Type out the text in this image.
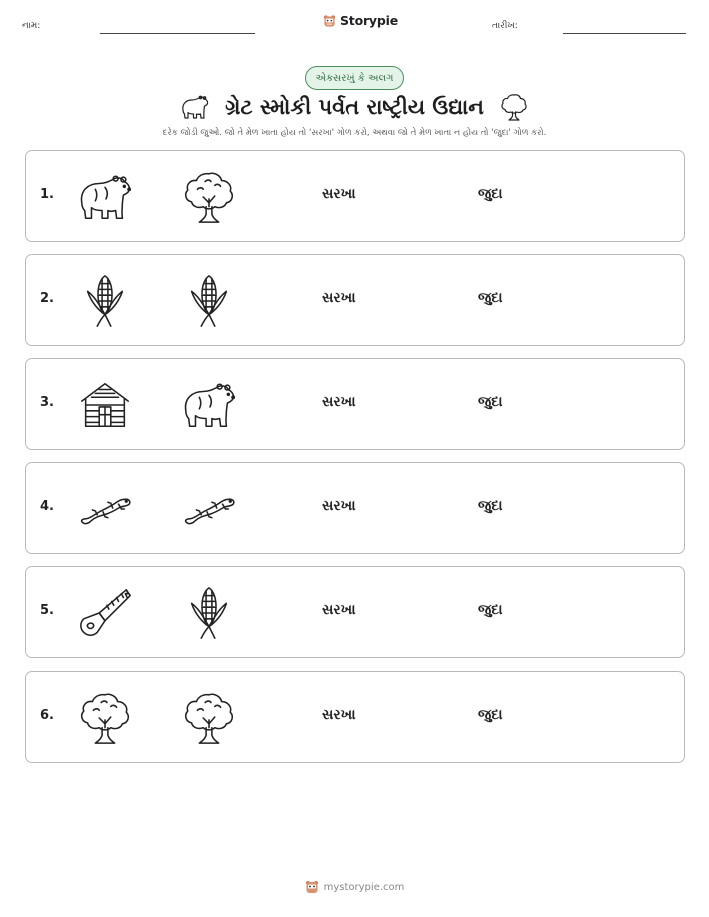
નામ:	Storypie	તારીખ:
એકસરખું કે અલગ
ગ્રેટ સ્મોકી પર્વત રાષ્ટ્રીય ઉદ્યાન
દરેક જોડી જુઓ. જો તે મેળ ખાતા હોય તો 'સરખા' ગોળ કરો, અથવા જો તે મેળ ખાતા ન હોય તો 'જુદા' ગોળ કરો.
1.	સરખા	જુદા
2.	સરખા	જુદા
3.	સરખા	જુદા
4.	સરખા	જુદા
5.	સરખા	જુદા
6.	સરખા	જુદા
mystorypie.com
